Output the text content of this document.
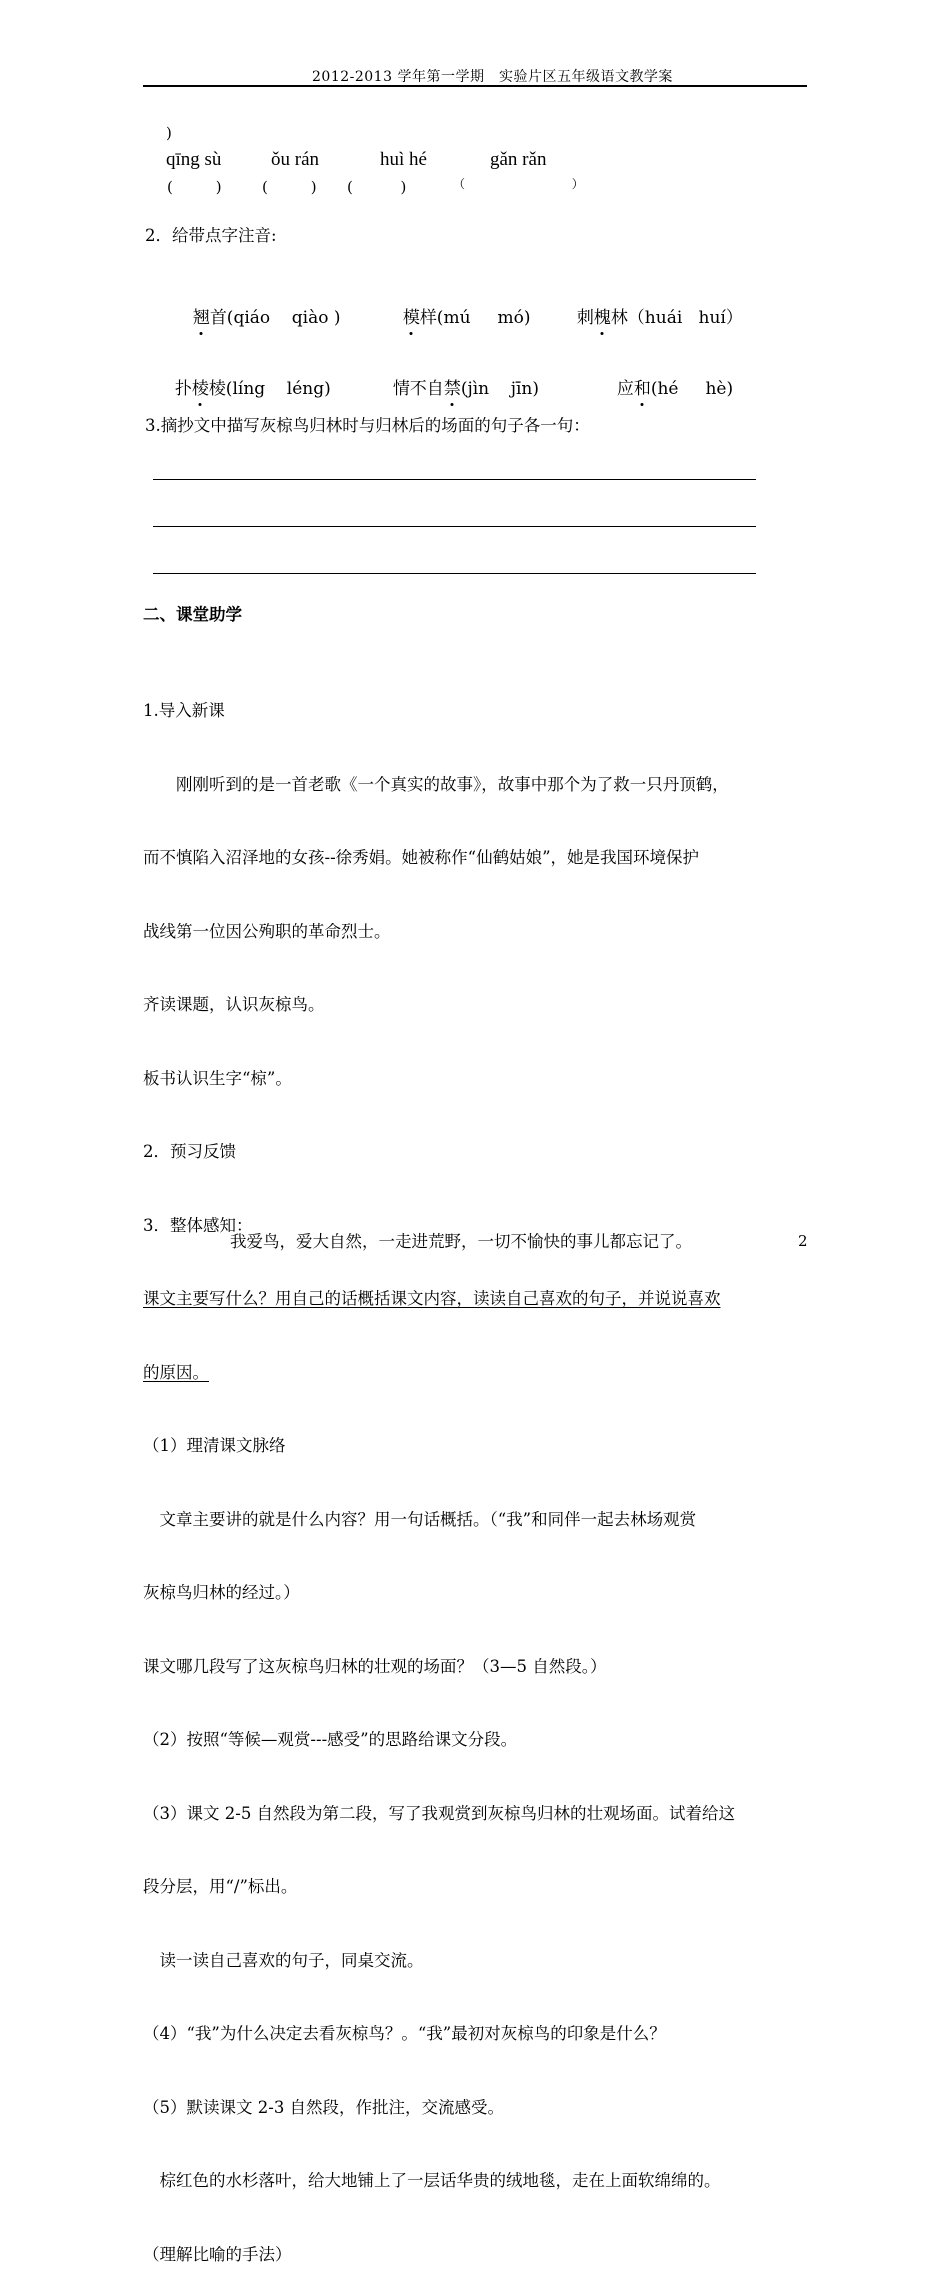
2012-2013 学年第一学期　实验片区五年级语文教学案
)
qīng sù	ǒu rán	huì hé	gǎn rǎn
(         )	(         ) (          )	（                            ）
2．给带点字注音:

翘首(qiáo    qiào )	模样(mú     mó)	刺槐林（huái   huí）

扑棱棱(líng    léng)	情不自禁(jìn    jīn)	应和(hé     hè)

3.摘抄文中描写灰椋鸟归林时与归林后的场面的句子各一句：
二、课堂助学

1.导入新课

　　刚刚听到的是一首老歌《一个真实的故事》，故事中那个为了救一只丹顶鹤，

而不慎陷入沼泽地的女孩--徐秀娟。她被称作“仙鹤姑娘”，她是我国环境保护

战线第一位因公殉职的革命烈士。

齐读课题，认识灰椋鸟。

板书认识生字“椋”。

2．预习反馈

3．整体感知：

课文主要写什么？用自己的话概括课文内容，读读自己喜欢的句子，并说说喜欢

的原因。

（1）理清课文脉络

　文章主要讲的就是什么内容？用一句话概括。（“我”和同伴一起去林场观赏

灰椋鸟归林的经过。）

课文哪几段写了这灰椋鸟归林的壮观的场面？（3—5 自然段。）

（2）按照“等候—观赏---感受”的思路给课文分段。

（3）课文 2-5 自然段为第二段，写了我观赏到灰椋鸟归林的壮观场面。试着给这

段分层，用“/”标出。

　读一读自己喜欢的句子，同桌交流。

（4）“我”为什么决定去看灰椋鸟？。“我”最初对灰椋鸟的印象是什么？

（5）默读课文 2-3 自然段，作批注，交流感受。

　棕红色的水杉落叶，给大地铺上了一层话华贵的绒地毯，走在上面软绵绵的。

（理解比喻的手法）

我爱鸟，爱大自然，一走进荒野，一切不愉快的事儿都忘记了。	2
